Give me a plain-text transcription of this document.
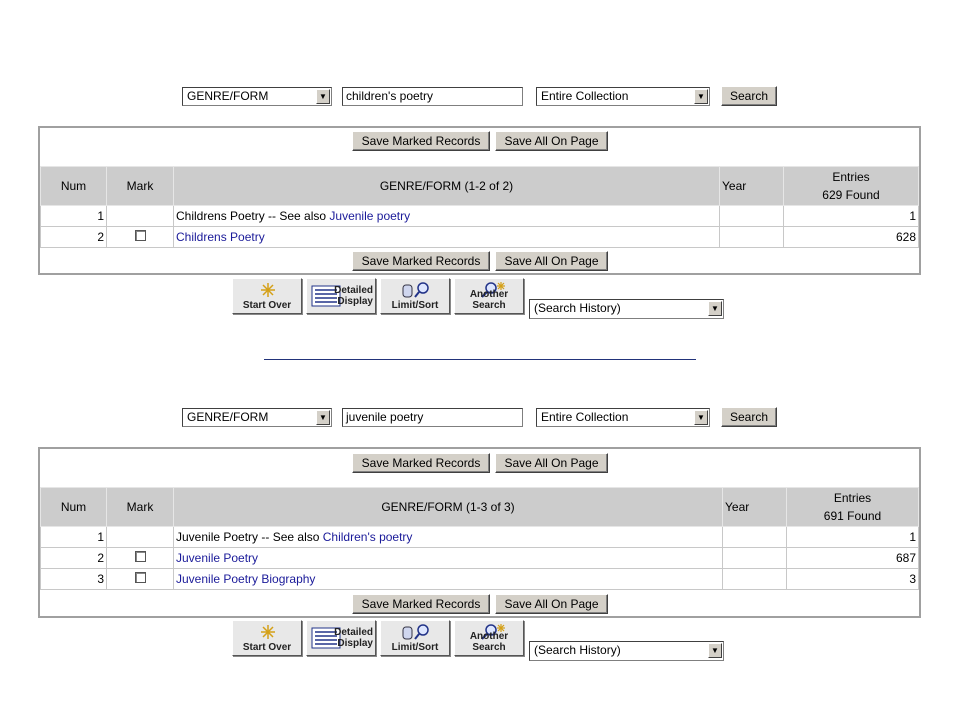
GENRE/FORM	▼	children's poetry	Entire Collection	▼	Search
Save Marked Records	Save All On Page
Num	Mark	GENRE/FORM (1-2 of 2)	Year	Entries
629 Found

1		Childrens Poetry -- See also Juvenile poetry		1
2		Childrens Poetry		628
Save Marked Records	Save All On Page
Start Over
Detailed
Display	Limit/Sort
Another Search	(Search History)	▼
GENRE/FORM	▼	juvenile poetry	Entire Collection	▼	Search
Save Marked Records	Save All On Page
Num	Mark	GENRE/FORM (1-3 of 3)	Year	Entries
691 Found

1		Juvenile Poetry -- See also Children's poetry		1
2		Juvenile Poetry		687
3		Juvenile Poetry Biography		3
Save Marked Records	Save All On Page
Start Over
Detailed
Display	Limit/Sort
Another Search	(Search History)	▼
